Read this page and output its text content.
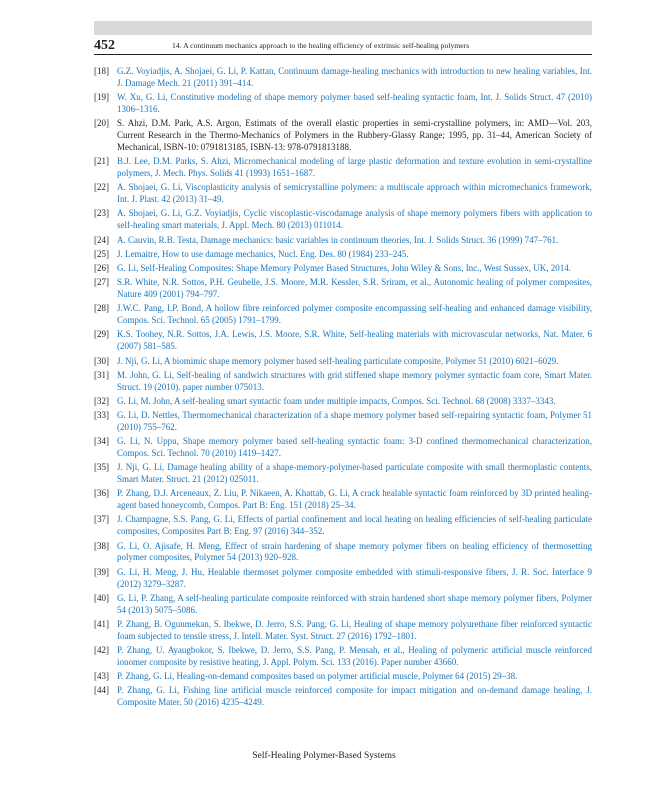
452	14. A continuum mechanics approach to the healing efficiency of extrinsic self-healing polymers
[18] G.Z. Voyiadjis, A. Shojaei, G. Li, P. Kattan, Continuum damage-healing mechanics with introduction to new healing variables, Int. J. Damage Mech. 21 (2011) 391–414.
[19] W. Xu, G. Li, Constitutive modeling of shape memory polymer based self-healing syntactic foam, Int. J. Solids Struct. 47 (2010) 1306–1316.
[20] S. Ahzi, D.M. Park, A.S. Argon, Estimats of the overall elastic properties in semi-crystalline polymers, in: AMD—Vol. 203, Current Research in the Thermo-Mechanics of Polymers in the Rubbery-Glassy Range; 1995, pp. 31–44, American Society of Mechanical, ISBN-10: 0791813185, ISBN-13: 978-0791813188.
[21] B.J. Lee, D.M. Parks, S. Ahzi, Micromechanical modeling of large plastic deformation and texture evolution in semi-crystalline polymers, J. Mech. Phys. Solids 41 (1993) 1651–1687.
[22] A. Shojaei, G. Li, Viscoplasticity analysis of semicrystalline polymers: a multiscale approach within micromechanics framework, Int. J. Plast. 42 (2013) 31–49.
[23] A. Shojaei, G. Li, G.Z. Voyiadjis, Cyclic viscoplastic-viscodamage analysis of shape memory polymers fibers with application to self-healing smart materials, J. Appl. Mech. 80 (2013) 011014.
[24] A. Cauvin, R.B. Testa, Damage mechanics: basic variables in continuum theories, Int. J. Solids Struct. 36 (1999) 747–761.
[25] J. Lemaitre, How to use damage mechanics, Nucl. Eng. Des. 80 (1984) 233–245.
[26] G. Li, Self-Healing Composites: Shape Memory Polymer Based Structures, John Wiley & Sons, Inc., West Sussex, UK, 2014.
[27] S.R. White, N.R. Sottos, P.H. Geubelle, J.S. Moore, M.R. Kessler, S.R. Sriram, et al., Autonomic healing of polymer composites, Nature 409 (2001) 794–797.
[28] J.W.C. Pang, I.P. Bond, A hollow fibre reinforced polymer composite encompassing self-healing and enhanced damage visibility, Compos. Sci. Technol. 65 (2005) 1791–1799.
[29] K.S. Toohey, N.R. Sottos, J.A. Lewis, J.S. Moore, S.R. White, Self-healing materials with microvascular networks, Nat. Mater. 6 (2007) 581–585.
[30] J. Nji, G. Li, A biomimic shape memory polymer based self-healing particulate composite, Polymer 51 (2010) 6021–6029.
[31] M. John, G. Li, Self-healing of sandwich structures with grid stiffened shape memory polymer syntactic foam core, Smart Mater. Struct. 19 (2010). paper number 075013.
[32] G. Li, M. John, A self-healing smart syntactic foam under multiple impacts, Compos. Sci. Technol. 68 (2008) 3337–3343.
[33] G. Li, D. Nettles, Thermomechanical characterization of a shape memory polymer based self-repairing syntactic foam, Polymer 51 (2010) 755–762.
[34] G. Li, N. Uppu, Shape memory polymer based self-healing syntactic foam: 3-D confined thermomechanical characterization, Compos. Sci. Technol. 70 (2010) 1419–1427.
[35] J. Nji, G. Li, Damage healing ability of a shape-memory-polymer-based particulate composite with small thermoplastic contents, Smart Mater. Struct. 21 (2012) 025011.
[36] P. Zhang, D.J. Arceneaux, Z. Liu, P. Nikaeen, A. Khattab, G. Li, A crack healable syntactic foam reinforced by 3D printed healing-agent based honeycomb, Compos. Part B: Eng. 151 (2018) 25–34.
[37] J. Champagne, S.S. Pang, G. Li, Effects of partial confinement and local heating on healing efficiencies of self-healing particulate composites, Composites Part B: Eng. 97 (2016) 344–352.
[38] G. Li, O. Ajisafe, H. Meng, Effect of strain hardening of shape memory polymer fibers on healing efficiency of thermosetting polymer composites, Polymer 54 (2013) 920–928.
[39] G. Li, H. Meng, J. Hu, Healable thermoset polymer composite embedded with stimuli-responsive fibers, J. R. Soc. Interface 9 (2012) 3279–3287.
[40] G. Li, P. Zhang, A self-healing particulate composite reinforced with strain hardened short shape memory polymer fibers, Polymer 54 (2013) 5075–5086.
[41] P. Zhang, B. Ogunmekan, S. Ibekwe, D. Jerro, S.S. Pang, G. Li, Healing of shape memory polyurethane fiber reinforced syntactic foam subjected to tensile stress, J. Intell. Mater. Syst. Struct. 27 (2016) 1792–1801.
[42] P. Zhang, U. Ayaugbokor, S. Ibekwe, D. Jerro, S.S. Pang, P. Mensah, et al., Healing of polymeric artificial muscle reinforced ionomer composite by resistive heating, J. Appl. Polym. Sci. 133 (2016). Paper number 43660.
[43] P. Zhang, G. Li, Healing-on-demand composites based on polymer artificial muscle, Polymer 64 (2015) 29–38.
[44] P. Zhang, G. Li, Fishing line artificial muscle reinforced composite for impact mitigation and on-demand damage healing, J. Composite Mater. 50 (2016) 4235–4249.
Self-Healing Polymer-Based Systems
